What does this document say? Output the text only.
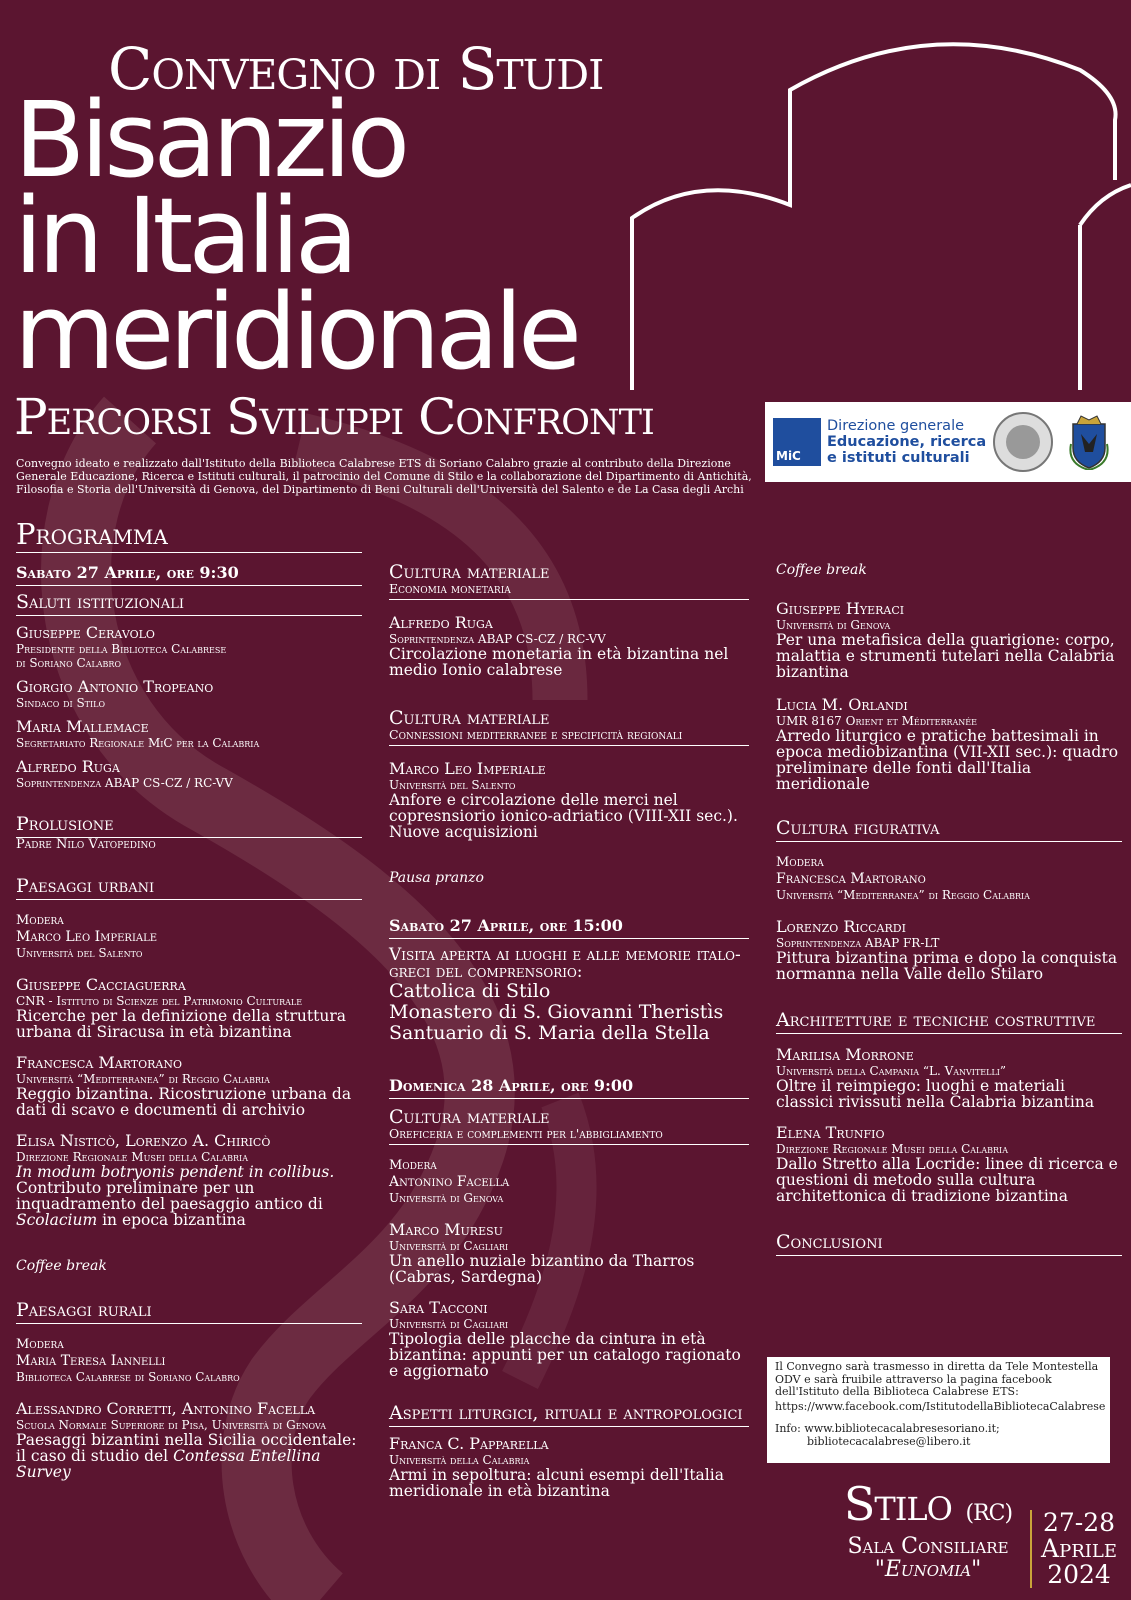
Convegno di Studi
Bisanzio
in Italia
meridionale
Percorsi Sviluppi Confronti
MiC
Direzione generale
Educazione, ricerca
e istituti culturali
Convegno ideato e realizzato dall'Istituto della Biblioteca Calabrese ETS di Soriano Calabro grazie al contributo della Direzione Generale Educazione, Ricerca e Istituti culturali, il patrocinio del Comune di Stilo e la collaborazione del Dipartimento di Antichità, Filosofia e Storia dell'Università di Genova, del Dipartimento di Beni Culturali dell'Università del Salento e de La Casa degli Archi
Programma
Sabato 27 Aprile, ore 9:30
Saluti istituzionali
Giuseppe Ceravolo
Presidente della Biblioteca Calabrese
di Soriano Calabro
Giorgio Antonio Tropeano
Sindaco di Stilo
Maria Mallemace
Segretariato Regionale MiC per la Calabria
Alfredo Ruga
Soprintendenza ABAP CS-CZ / RC-VV
Prolusione
Padre Nilo Vatopedino
Paesaggi urbani
Modera
Marco Leo Imperiale
Università del Salento
Giuseppe Cacciaguerra
CNR - Istituto di Scienze del Patrimonio Culturale
Ricerche per la definizione della struttura urbana di Siracusa in età bizantina
Francesca Martorano
Università “Mediterranea” di Reggio Calabria
Reggio bizantina. Ricostruzione urbana da dati di scavo e documenti di archivio
Elisa Nisticò, Lorenzo A. Chiricò
Direzione Regionale Musei della Calabria
In modum botryonis pendent in collibus. Contributo preliminare per un inquadramento del paesaggio antico di Scolacium in epoca bizantina
Coffee break
Paesaggi rurali
Modera
Maria Teresa Iannelli
Biblioteca Calabrese di Soriano Calabro
Alessandro Corretti, Antonino Facella
Scuola Normale Superiore di Pisa, Università di Genova
Paesaggi bizantini nella Sicilia occidentale: il caso di studio del Contessa Entellina Survey
Cultura materiale
Economia monetaria
Alfredo Ruga
Soprintendenza ABAP CS-CZ / RC-VV
Circolazione monetaria in età bizantina nel medio Ionio calabrese
Cultura materiale
Connessioni mediterranee e specificità regionali
Marco Leo Imperiale
Università del Salento
Anfore e circolazione delle merci nel copresnsiorio ionico-adriatico (VIII-XII sec.). Nuove acquisizioni
Pausa pranzo
Sabato 27 Aprile, ore 15:00
Visita aperta ai luoghi e alle memorie italo-greci del comprensorio:
Cattolica di Stilo
Monastero di S. Giovanni Theristìs
Santuario di S. Maria della Stella
Domenica 28 Aprile, ore 9:00
Cultura materiale
Oreficeria e complementi per l'abbigliamento
Modera
Antonino Facella
Università di Genova
Marco Muresu
Università di Cagliari
Un anello nuziale bizantino da Tharros (Cabras, Sardegna)
Sara Tacconi
Università di Cagliari
Tipologia delle placche da cintura in età bizantina: appunti per un catalogo ragionato e aggiornato
Aspetti liturgici, rituali e antropologici
Franca C. Papparella
Università della Calabria
Armi in sepoltura: alcuni esempi dell'Italia meridionale in età bizantina
Coffee break
Giuseppe Hyeraci
Università di Genova
Per una metafisica della guarigione: corpo, malattia e strumenti tutelari nella Calabria bizantina
Lucia M. Orlandi
UMR 8167 Orient et Méditerranée
Arredo liturgico e pratiche battesimali in epoca mediobizantina (VII-XII sec.): quadro preliminare delle fonti dall'Italia meridionale
Cultura figurativa
Modera
Francesca Martorano
Università “Mediterranea” di Reggio Calabria
Lorenzo Riccardi
Soprintendenza ABAP FR-LT
Pittura bizantina prima e dopo la conquista normanna nella Valle dello Stilaro
Architetture e tecniche costruttive
Marilisa Morrone
Università della Campania “L. Vanvitelli”
Oltre il reimpiego: luoghi e materiali classici rivissuti nella Calabria bizantina
Elena Trunfio
Direzione Regionale Musei della Calabria
Dallo Stretto alla Locride: linee di ricerca e questioni di metodo sulla cultura architettonica di tradizione bizantina
Conclusioni
Il Convegno sarà trasmesso in diretta da Tele Montestella ODV e sarà fruibile attraverso la pagina facebook dell'Istituto della Biblioteca Calabrese ETS:
https://www.facebook.com/IstitutodellaBibliotecaCalabrese
Info: www.bibliotecacalabresesoriano.it;
bibliotecacalabrese@libero.it
Stilo (RC)
Sala Consiliare
"Eunomia"
27-28
Aprile
2024
